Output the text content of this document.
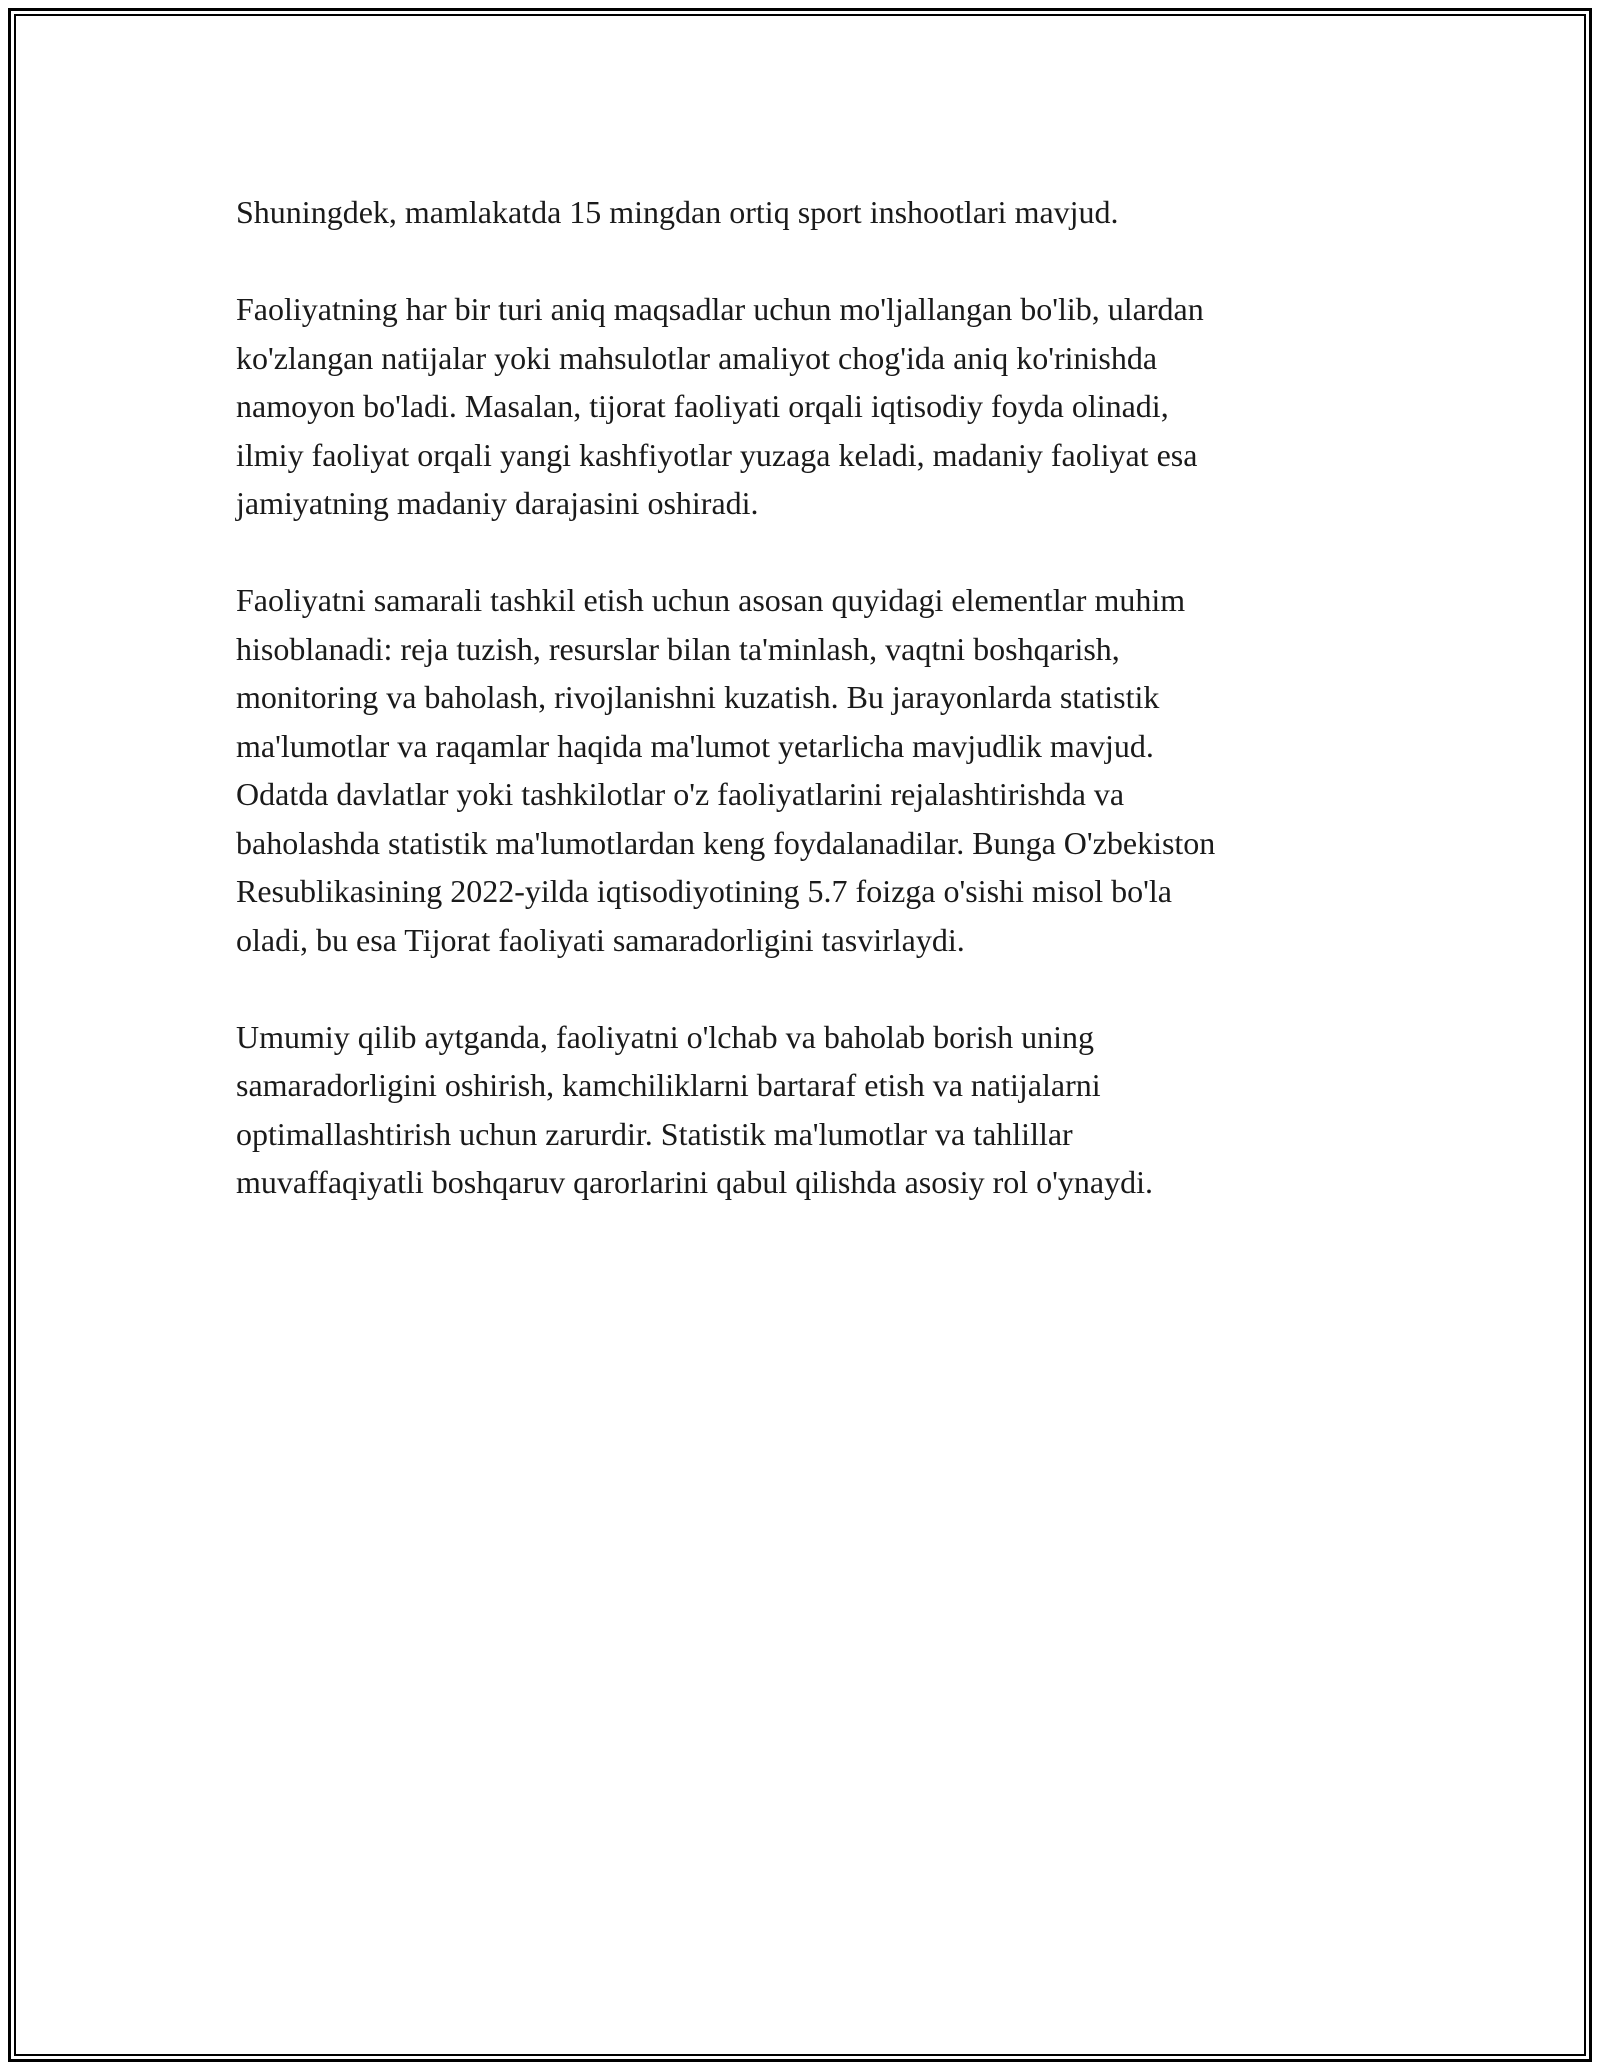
Shuningdek, mamlakatda 15 mingdan ortiq sport inshootlari mavjud.

Faoliyatning har bir turi aniq maqsadlar uchun mo'ljallangan bo'lib, ulardan
ko'zlangan natijalar yoki mahsulotlar amaliyot chog'ida aniq ko'rinishda
namoyon bo'ladi. Masalan, tijorat faoliyati orqali iqtisodiy foyda olinadi,
ilmiy faoliyat orqali yangi kashfiyotlar yuzaga keladi, madaniy faoliyat esa
jamiyatning madaniy darajasini oshiradi.

Faoliyatni samarali tashkil etish uchun asosan quyidagi elementlar muhim
hisoblanadi: reja tuzish, resurslar bilan ta'minlash, vaqtni boshqarish,
monitoring va baholash, rivojlanishni kuzatish. Bu jarayonlarda statistik
ma'lumotlar va raqamlar haqida ma'lumot yetarlicha mavjudlik mavjud.
Odatda davlatlar yoki tashkilotlar o'z faoliyatlarini rejalashtirishda va
baholashda statistik ma'lumotlardan keng foydalanadilar. Bunga O'zbekiston
Resublikasining 2022-yilda iqtisodiyotining 5.7 foizga o'sishi misol bo'la
oladi, bu esa Tijorat faoliyati samaradorligini tasvirlaydi.

Umumiy qilib aytganda, faoliyatni o'lchab va baholab borish uning
samaradorligini oshirish, kamchiliklarni bartaraf etish va natijalarni
optimallashtirish uchun zarurdir. Statistik ma'lumotlar va tahlillar
muvaffaqiyatli boshqaruv qarorlarini qabul qilishda asosiy rol o'ynaydi.
